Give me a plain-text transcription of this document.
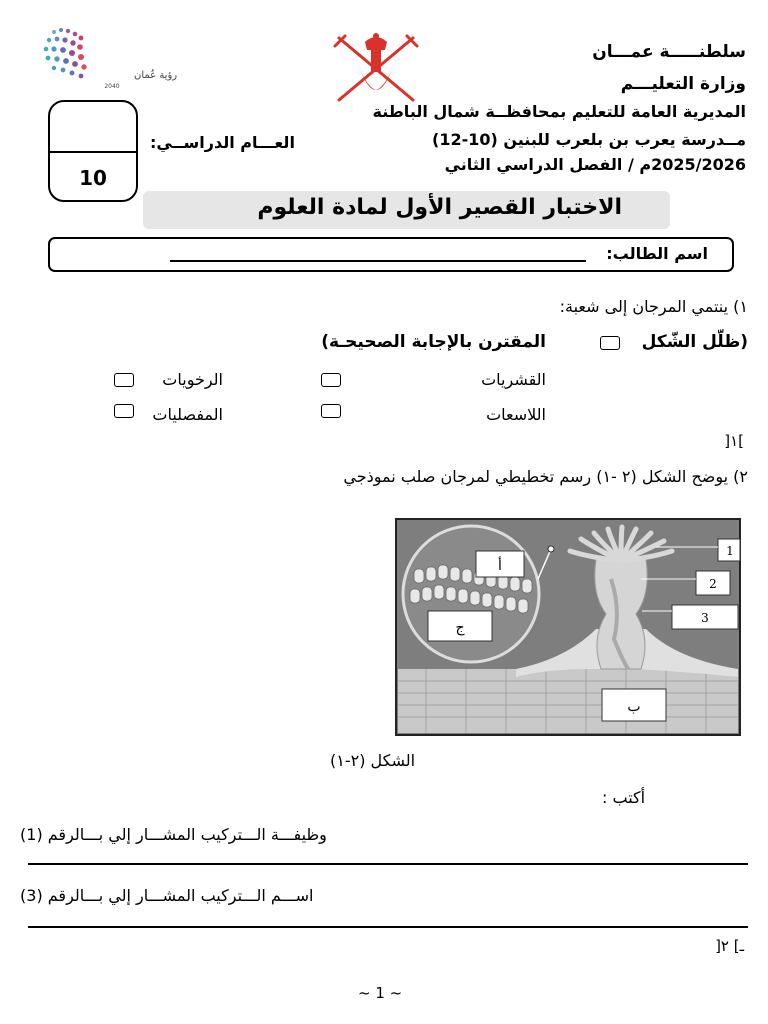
رؤية عُمان
2040
سلطنـــــة عمـــان
وزارة التعليـــم
المديرية العامة للتعليم بمحافظــة شمال الباطنة
مــدرسة يعرب بن بلعرب للبنين (10-12)
العـــام الدراســي:
2025/2026م / الفصل الدراسي الثاني
10
الاختبار القصير الأول لمادة العلوم
اسم الطالب:
١) ينتمي المرجان إلى شعبة:
(ظلّل الشّكل
المقترن بالإجابة الصحيحـة)
القشريات
الرخويات
اللاسعات
المفصليات
]١[
٢) يوضح الشكل (٢ -١) رسم تخطيطي لمرجان صلب نموذجي
أ
ج
ب
1
2
3
الشكل (٢-١)
أكتب :
وظيفـــة الـــتركيب المشـــار إلي بـــالرقم (1)
اســـم الـــتركيب المشـــار إلي بـــالرقم (3)
ـ] ٢[
~ 1 ~
